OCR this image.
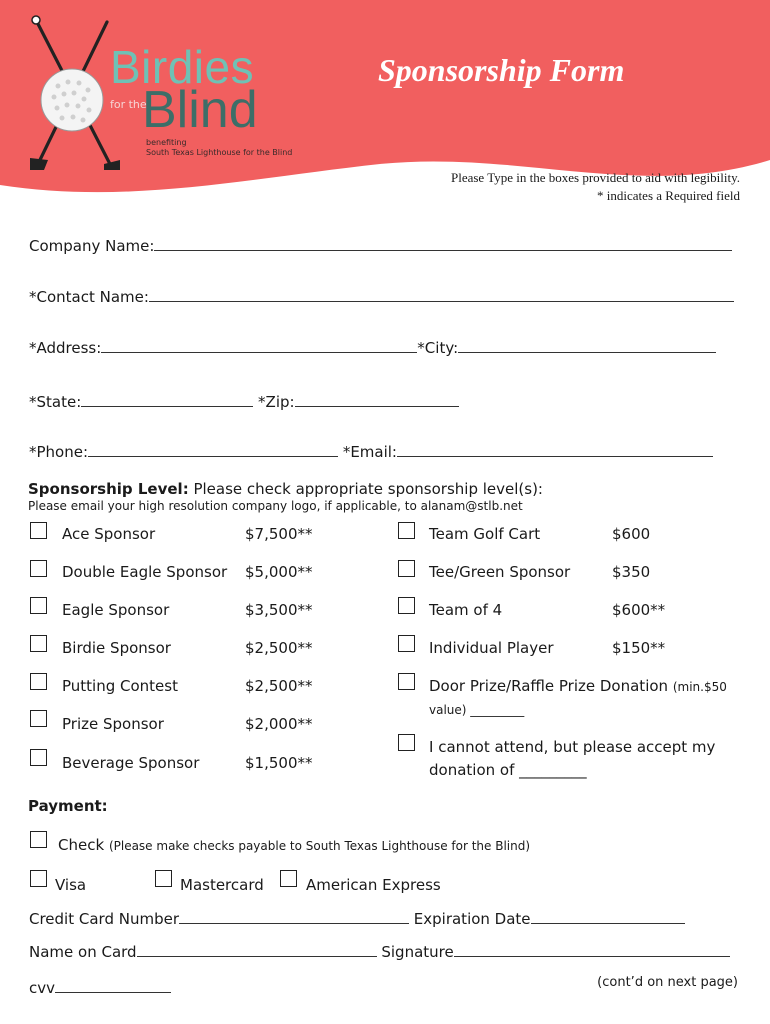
Birdies
for the
Blind
benefiting
South Texas Lighthouse for the Blind
Sponsorship Form
Please Type in the boxes provided to aid with legibility.
* indicates a Required field
Company Name:
*Contact Name:
*Address:	*City:
*State:	*Zip:
*Phone:	*Email:
Sponsorship Level: Please check appropriate sponsorship level(s):
Please email your high resolution company logo, if applicable, to alanam@stlb.net
Ace Sponsor	$7,500**
Double Eagle Sponsor $5,000**
Eagle Sponsor	$3,500**
Birdie Sponsor	$2,500**
Putting Contest	$2,500**
Prize Sponsor	$2,000**
Beverage Sponsor	$1,500**
Team Golf Cart	$600
Tee/Green Sponsor	$350
Team of 4	$600**
Individual Player	$150**
Door Prize/Raffle Prize Donation (min.$50
value) _________
I cannot attend, but please accept my
donation of _________
Payment:
Check (Please make checks payable to South Texas Lighthouse for the Blind)
Visa	Mastercard	American Express
Credit Card Number	Expiration Date
Name on Card	Signature
cvv	(cont’d on next page)
